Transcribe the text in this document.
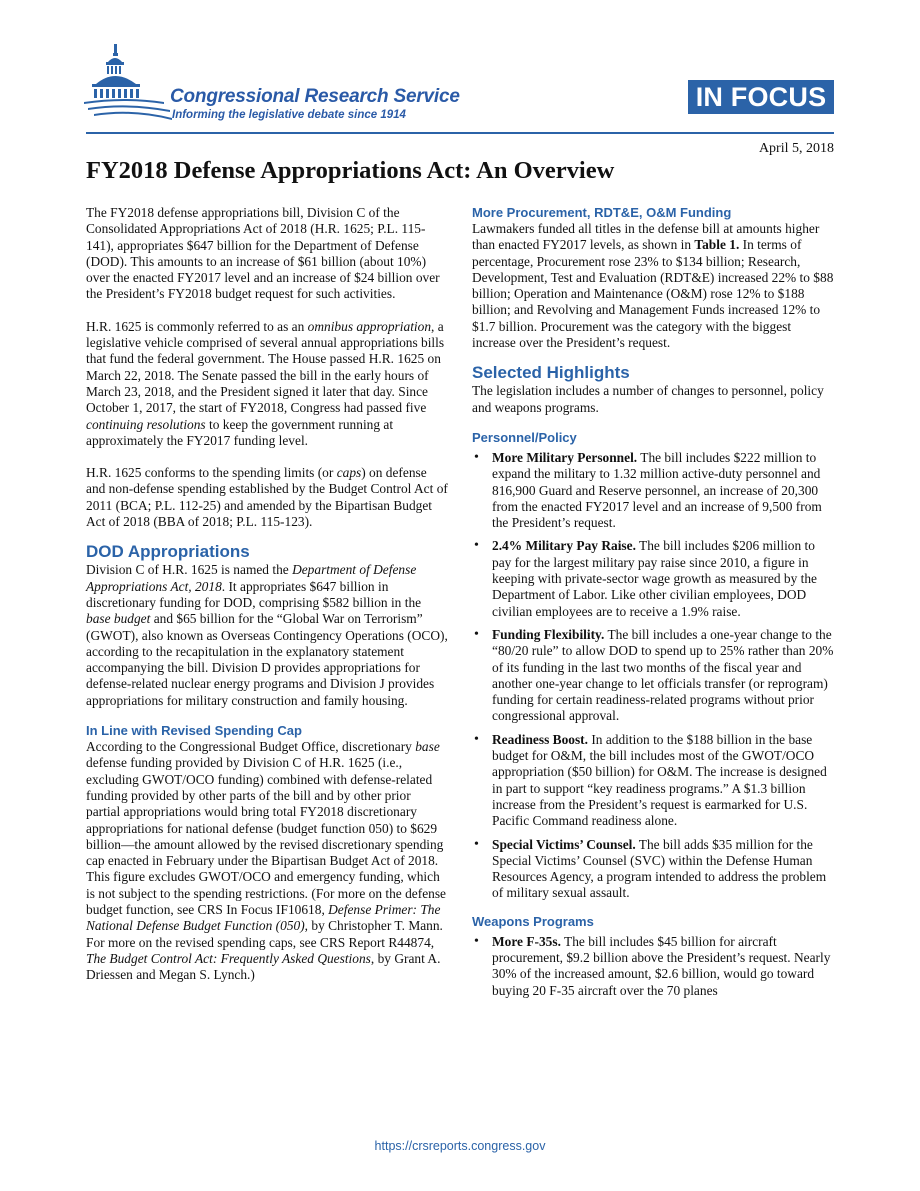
Congressional Research Service
Informing the legislative debate since 1914
IN FOCUS
April 5, 2018
FY2018 Defense Appropriations Act: An Overview

The FY2018 defense appropriations bill, Division C of the Consolidated Appropriations Act of 2018 (H.R. 1625; P.L. 115-141), appropriates $647 billion for the Department of Defense (DOD). This amounts to an increase of $61 billion (about 10%) over the enacted FY2017 level and an increase of $24 billion over the President’s FY2018 budget request for such activities.

H.R. 1625 is commonly referred to as an omnibus appropriation, a legislative vehicle comprised of several annual appropriations bills that fund the federal government. The House passed H.R. 1625 on March 22, 2018. The Senate passed the bill in the early hours of March 23, 2018, and the President signed it later that day. Since October 1, 2017, the start of FY2018, Congress had passed five continuing resolutions to keep the government running at approximately the FY2017 funding level.

H.R. 1625 conforms to the spending limits (or caps) on defense and non-defense spending established by the Budget Control Act of 2011 (BCA; P.L. 112-25) and amended by the Bipartisan Budget Act of 2018 (BBA of 2018; P.L. 115-123).

DOD Appropriations

Division C of H.R. 1625 is named the Department of Defense Appropriations Act, 2018. It appropriates $647 billion in discretionary funding for DOD, comprising $582 billion in the base budget and $65 billion for the “Global War on Terrorism” (GWOT), also known as Overseas Contingency Operations (OCO), according to the recapitulation in the explanatory statement accompanying the bill. Division D provides appropriations for defense-related nuclear energy programs and Division J provides appropriations for military construction and family housing.

In Line with Revised Spending Cap

According to the Congressional Budget Office, discretionary base defense funding provided by Division C of H.R. 1625 (i.e., excluding GWOT/OCO funding) combined with defense-related funding provided by other parts of the bill and by other prior partial appropriations would bring total FY2018 discretionary appropriations for national defense (budget function 050) to $629 billion—the amount allowed by the revised discretionary spending cap enacted in February under the Bipartisan Budget Act of 2018. This figure excludes GWOT/OCO and emergency funding, which is not subject to the spending restrictions. (For more on the defense budget function, see CRS In Focus IF10618, Defense Primer: The National Defense Budget Function (050), by Christopher T. Mann. For more on the revised spending caps, see CRS Report R44874, The Budget Control Act: Frequently Asked Questions, by Grant A. Driessen and Megan S. Lynch.)

More Procurement, RDT&E, O&M Funding

Lawmakers funded all titles in the defense bill at amounts higher than enacted FY2017 levels, as shown in Table 1. In terms of percentage, Procurement rose 23% to $134 billion; Research, Development, Test and Evaluation (RDT&E) increased 22% to $88 billion; Operation and Maintenance (O&M) rose 12% to $188 billion; and Revolving and Management Funds increased 12% to $1.7 billion. Procurement was the category with the biggest increase over the President’s request.

Selected Highlights

The legislation includes a number of changes to personnel, policy and weapons programs.

Personnel/Policy
• More Military Personnel. The bill includes $222 million to expand the military to 1.32 million active-duty personnel and 816,900 Guard and Reserve personnel, an increase of 20,300 from the enacted FY2017 level and an increase of 9,500 from the President’s request.
• 2.4% Military Pay Raise. The bill includes $206 million to pay for the largest military pay raise since 2010, a figure in keeping with private-sector wage growth as measured by the Department of Labor. Like other civilian employees, DOD civilian employees are to receive a 1.9% raise.
• Funding Flexibility. The bill includes a one-year change to the “80/20 rule” to allow DOD to spend up to 25% rather than 20% of its funding in the last two months of the fiscal year and another one-year change to let officials transfer (or reprogram) funding for certain readiness-related programs without prior congressional approval.
• Readiness Boost. In addition to the $188 billion in the base budget for O&M, the bill includes most of the GWOT/OCO appropriation ($50 billion) for O&M. The increase is designed in part to support “key readiness programs.” A $1.3 billion increase from the President’s request is earmarked for U.S. Pacific Command readiness alone.
• Special Victims’ Counsel. The bill adds $35 million for the Special Victims’ Counsel (SVC) within the Defense Human Resources Agency, a program intended to address the problem of military sexual assault.
Weapons Programs
• More F-35s. The bill includes $45 billion for aircraft procurement, $9.2 billion above the President’s request. Nearly 30% of the increased amount, $2.6 billion, would go toward buying 20 F-35 aircraft over the 70 planes
https://crsreports.congress.gov
